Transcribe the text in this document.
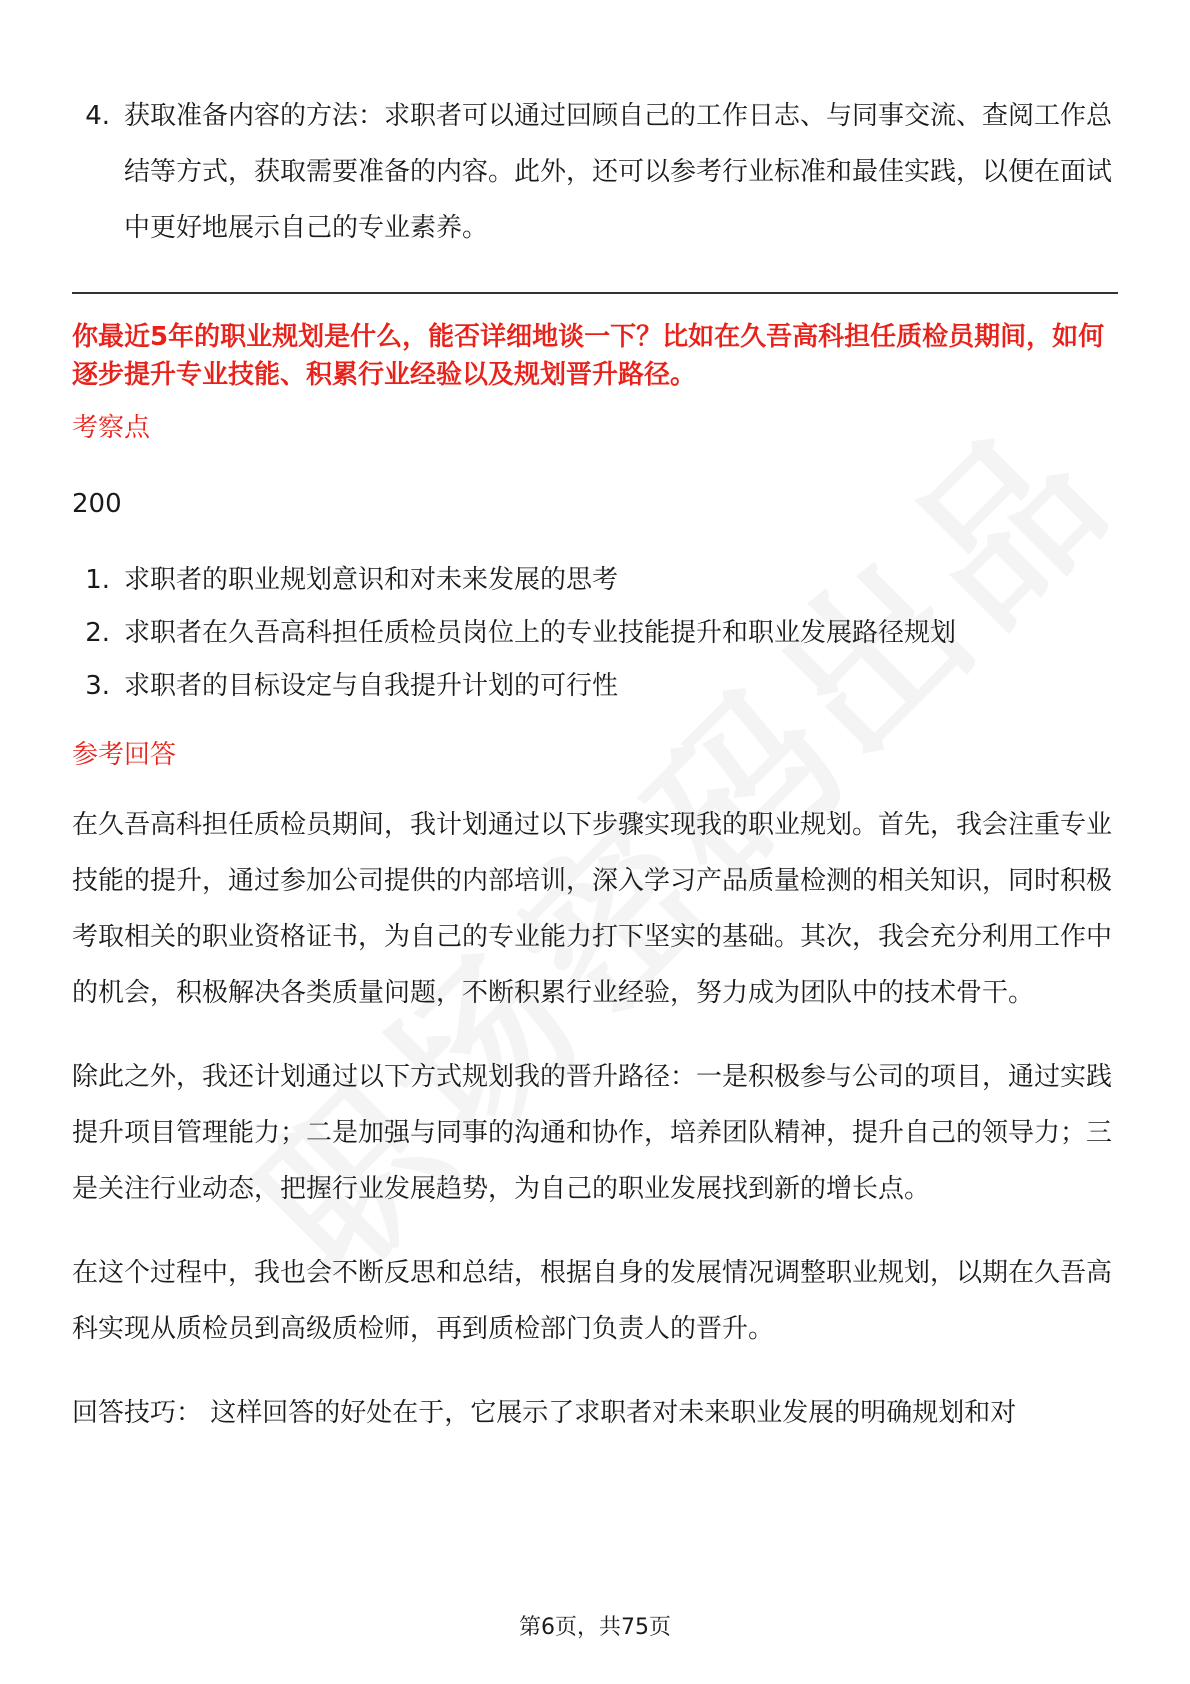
4. 获取准备内容的方法：求职者可以通过回顾自己的工作日志、与同事交流、查阅工作总结等方式，获取需要准备的内容。此外，还可以参考行业标准和最佳实践，以便在面试中更好地展示自己的专业素养。

你最近5年的职业规划是什么，能否详细地谈一下？比如在久吾高科担任质检员期间，如何逐步提升专业技能、积累行业经验以及规划晋升路径。

考察点

200

1. 求职者的职业规划意识和对未来发展的思考
2. 求职者在久吾高科担任质检员岗位上的专业技能提升和职业发展路径规划
3. 求职者的目标设定与自我提升计划的可行性

参考回答

在久吾高科担任质检员期间，我计划通过以下步骤实现我的职业规划。首先，我会注重专业技能的提升，通过参加公司提供的内部培训，深入学习产品质量检测的相关知识，同时积极考取相关的职业资格证书，为自己的专业能力打下坚实的基础。其次，我会充分利用工作中的机会，积极解决各类质量问题，不断积累行业经验，努力成为团队中的技术骨干。

除此之外，我还计划通过以下方式规划我的晋升路径：一是积极参与公司的项目，通过实践提升项目管理能力；二是加强与同事的沟通和协作，培养团队精神，提升自己的领导力；三是关注行业动态，把握行业发展趋势，为自己的职业发展找到新的增长点。

在这个过程中，我也会不断反思和总结，根据自身的发展情况调整职业规划，以期在久吾高科实现从质检员到高级质检师，再到质检部门负责人的晋升。

回答技巧： 这样回答的好处在于，它展示了求职者对未来职业发展的明确规划和对

第6页，共75页
